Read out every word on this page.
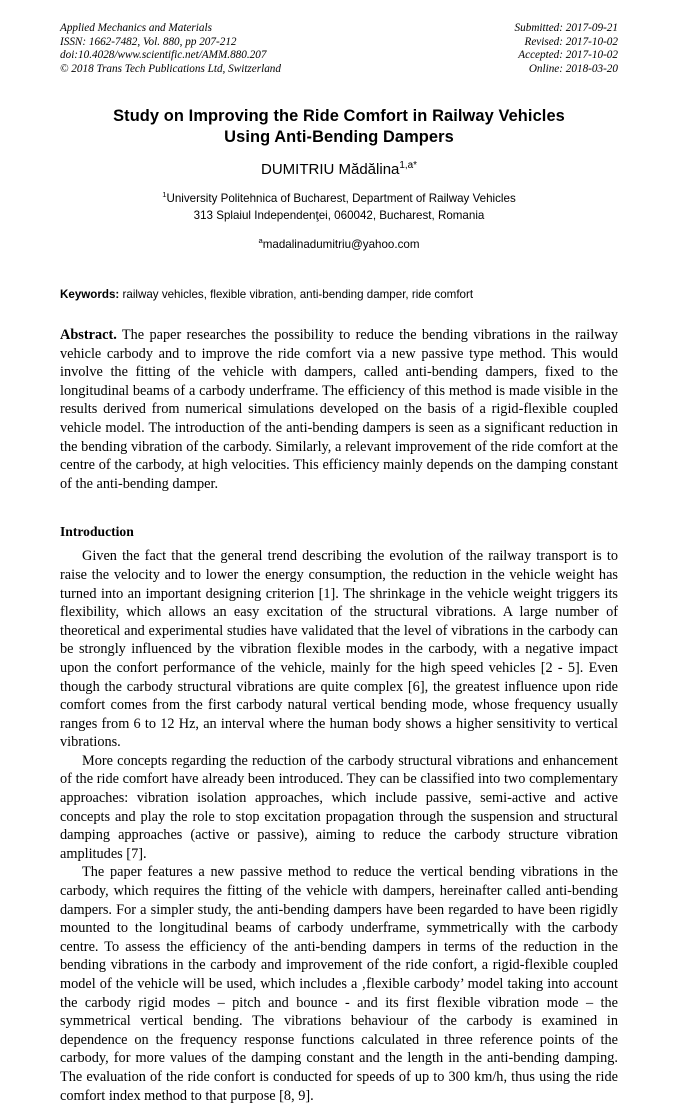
Applied Mechanics and Materials
ISSN: 1662-7482, Vol. 880, pp 207-212
doi:10.4028/www.scientific.net/AMM.880.207
© 2018 Trans Tech Publications Ltd, Switzerland
Submitted: 2017-09-21
Revised: 2017-10-02
Accepted: 2017-10-02
Online: 2018-03-20
Study on Improving the Ride Comfort in Railway Vehicles Using Anti-Bending Dampers
DUMITRIU Mădălina$^{1,a*}$
$^1$University Politehnica of Bucharest, Department of Railway Vehicles
313 Splaiul Independenţei, 060042, Bucharest, Romania
$^a$madalinadumitriu@yahoo.com
Keywords: railway vehicles, flexible vibration, anti-bending damper, ride comfort
Abstract. The paper researches the possibility to reduce the bending vibrations in the railway vehicle carbody and to improve the ride comfort via a new passive type method. This would involve the fitting of the vehicle with dampers, called anti-bending dampers, fixed to the longitudinal beams of a carbody underframe. The efficiency of this method is made visible in the results derived from numerical simulations developed on the basis of a rigid-flexible coupled vehicle model. The introduction of the anti-bending dampers is seen as a significant reduction in the bending vibration of the carbody. Similarly, a relevant improvement of the ride comfort at the centre of the carbody, at high velocities. This efficiency mainly depends on the damping constant of the anti-bending damper.
Introduction

Given the fact that the general trend describing the evolution of the railway transport is to raise the velocity and to lower the energy consumption, the reduction in the vehicle weight has turned into an important designing criterion [1]. The shrinkage in the vehicle weight triggers its flexibility, which allows an easy excitation of the structural vibrations. A large number of theoretical and experimental studies have validated that the level of vibrations in the carbody can be strongly influenced by the vibration flexible modes in the carbody, with a negative impact upon the confort performance of the vehicle, mainly for the high speed vehicles [2 - 5]. Even though the carbody structural vibrations are quite complex [6], the greatest influence upon ride comfort comes from the first carbody natural vertical bending mode, whose frequency usually ranges from 6 to 12 Hz, an interval where the human body shows a higher sensitivity to vertical vibrations.

More concepts regarding the reduction of the carbody structural vibrations and enhancement of the ride comfort have already been introduced. They can be classified into two complementary approaches: vibration isolation approaches, which include passive, semi-active and active concepts and play the role to stop excitation propagation through the suspension and structural damping approaches (active or passive), aiming to reduce the carbody structure vibration amplitudes [7].

The paper features a new passive method to reduce the vertical bending vibrations in the carbody, which requires the fitting of the vehicle with dampers, hereinafter called anti-bending dampers. For a simpler study, the anti-bending dampers have been regarded to have been rigidly mounted to the longitudinal beams of carbody underframe, symmetrically with the carbody centre. To assess the efficiency of the anti-bending dampers in terms of the reduction in the bending vibrations in the carbody and improvement of the ride confort, a rigid-flexible coupled model of the vehicle will be used, which includes a ‚flexible carbody’ model taking into account the carbody rigid modes – pitch and bounce - and its first flexible vibration mode – the symmetrical vertical bending. The vibrations behaviour of the carbody is examined in dependence on the frequency response functions calculated in three reference points of the carbody, for more values of the damping constant and the length in the anti-bending damping. The evaluation of the ride confort is conducted for speeds of up to 300 km/h, thus using the ride comfort index method to that purpose [8, 9].
